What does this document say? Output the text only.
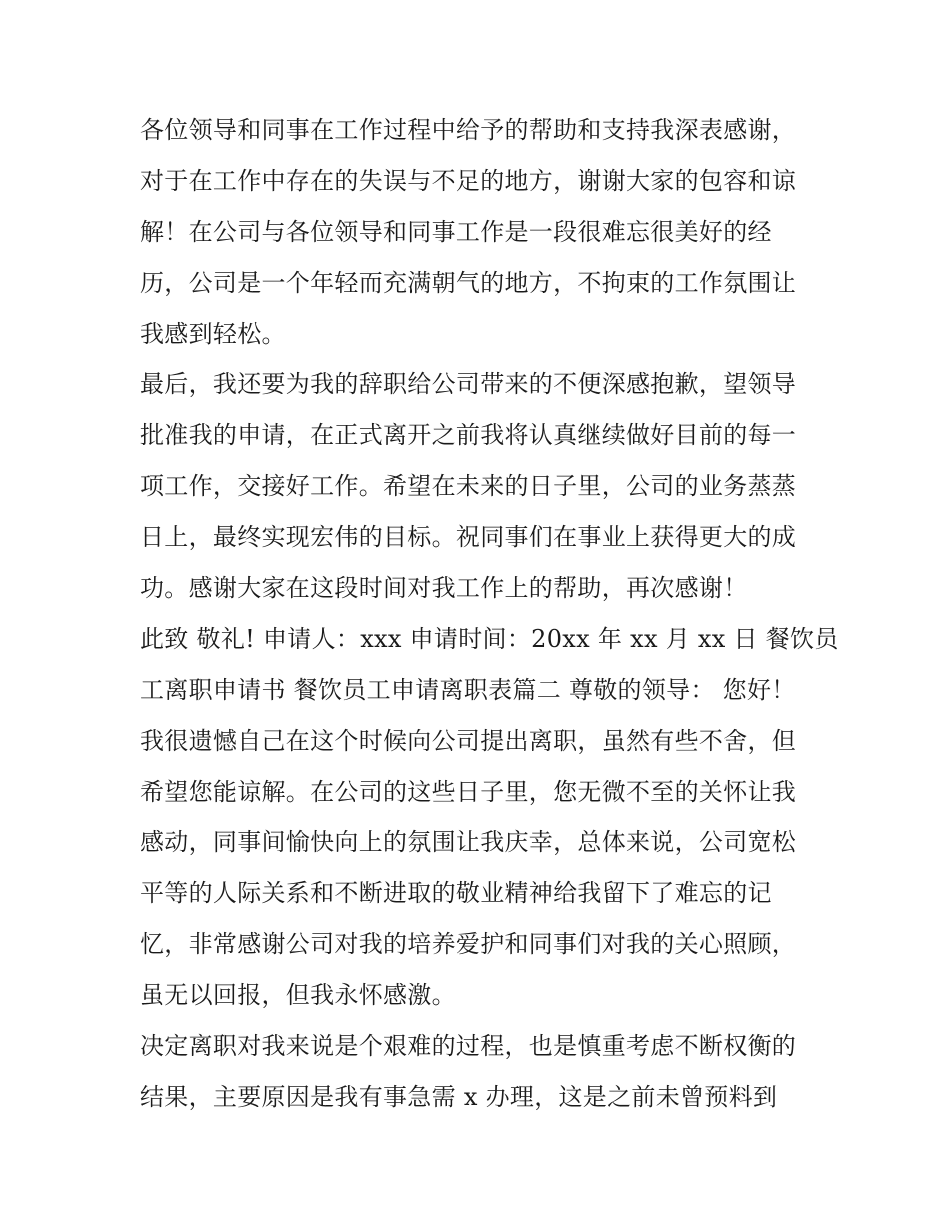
各位领导和同事在工作过程中给予的帮助和支持我深表感谢，
对于在工作中存在的失误与不足的地方，谢谢大家的包容和谅
解！在公司与各位领导和同事工作是一段很难忘很美好的经
历，公司是一个年轻而充满朝气的地方，不拘束的工作氛围让
我感到轻松。
最后，我还要为我的辞职给公司带来的不便深感抱歉，望领导
批准我的申请，在正式离开之前我将认真继续做好目前的每一
项工作，交接好工作。希望在未来的日子里，公司的业务蒸蒸
日上，最终实现宏伟的目标。祝同事们在事业上获得更大的成
功。感谢大家在这段时间对我工作上的帮助，再次感谢！
此致 敬礼! 申请人：xxx 申请时间：20xx 年 xx 月 xx 日 餐饮员
工离职申请书 餐饮员工申请离职表篇二 尊敬的领导： 您好！
我很遗憾自己在这个时候向公司提出离职，虽然有些不舍，但
希望您能谅解。在公司的这些日子里，您无微不至的关怀让我
感动，同事间愉快向上的氛围让我庆幸，总体来说，公司宽松
平等的人际关系和不断进取的敬业精神给我留下了难忘的记
忆，非常感谢公司对我的培养爱护和同事们对我的关心照顾，
虽无以回报，但我永怀感激。
决定离职对我来说是个艰难的过程，也是慎重考虑不断权衡的
结果，主要原因是我有事急需 x 办理，这是之前未曾预料到
